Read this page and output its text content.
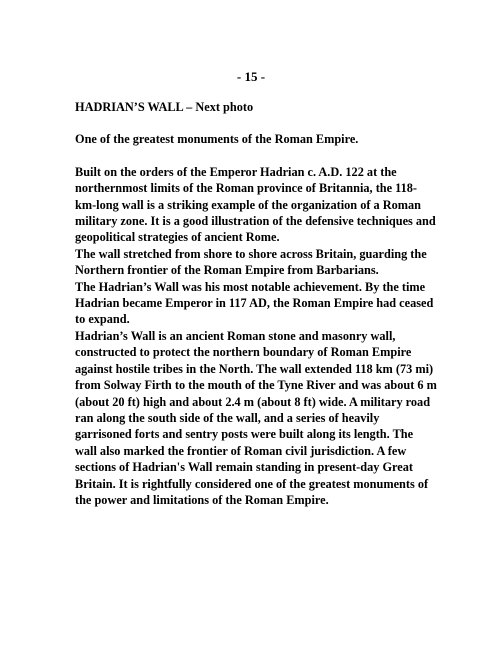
- 15 -

HADRIAN’S WALL – Next photo

One of the greatest monuments of the Roman Empire.

Built on the orders of the Emperor Hadrian c. A.D. 122 at the northernmost limits of the Roman province of Britannia, the 118-km-long wall is a striking example of the organization of a Roman military zone. It is a good illustration of the defensive techniques and geopolitical strategies of ancient Rome.

The wall stretched from shore to shore across Britain, guarding the Northern frontier of the Roman Empire from Barbarians.

The Hadrian’s Wall was his most notable achievement. By the time Hadrian became Emperor in 117 AD, the Roman Empire had ceased to expand.

Hadrian’s Wall is an ancient Roman stone and masonry wall, constructed to protect the northern boundary of Roman Empire against hostile tribes in the North. The wall extended 118 km (73 mi) from Solway Firth to the mouth of the Tyne River and was about 6 m (about 20 ft) high and about 2.4 m (about 8 ft) wide. A military road ran along the south side of the wall, and a series of heavily garrisoned forts and sentry posts were built along its length. The wall also marked the frontier of Roman civil jurisdiction. A few sections of Hadrian's Wall remain standing in present-day Great Britain. It is rightfully considered one of the greatest monuments of the power and limitations of the Roman Empire.
